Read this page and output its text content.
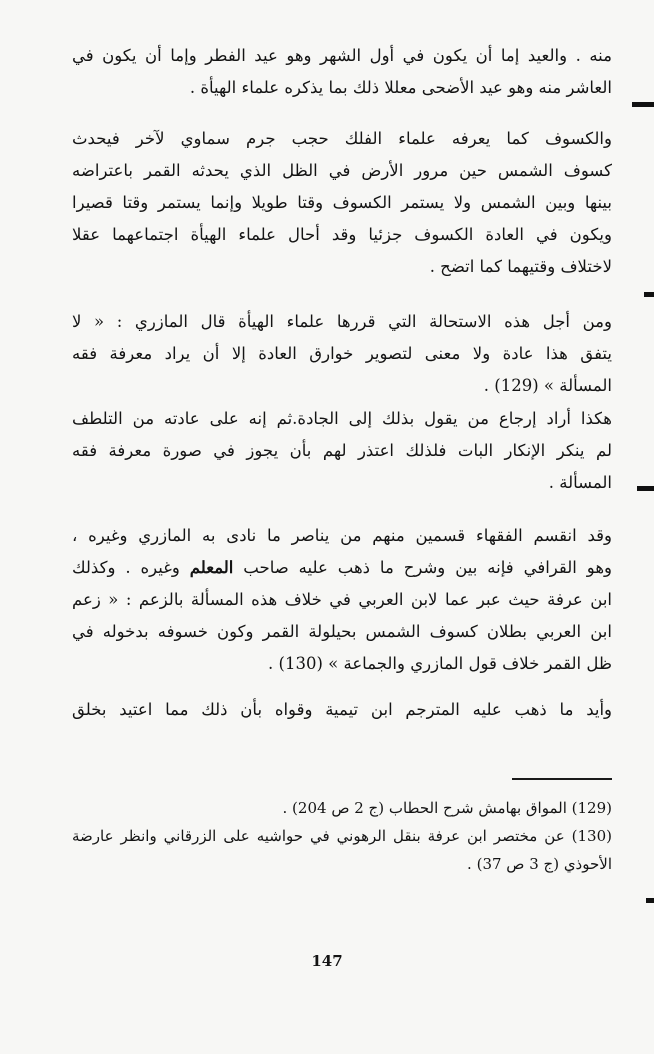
منه . والعيد إما أن يكون في أول الشهر وهو عيد الفطر وإما أن يكون في
العاشر منه وهو عيد الأضحى معللا ذلك بما يذكره علماء الهيأة .

والكسوف كما يعرفه علماء الفلك حجب جرم سماوي لآخر فيحدث
كسوف الشمس حين مرور الأرض في الظل الذي يحدثه القمر باعتراضه
بينها وبين الشمس ولا يستمر الكسوف وقتا طويلا وإنما يستمر وقتا قصيرا
ويكون في العادة الكسوف جزئيا وقد أحال علماء الهيأة اجتماعهما عقلا
لاختلاف وقتيهما كما اتضح .

ومن أجل هذه الاستحالة التي قررها علماء الهيأة قال المازري : « لا
يتفق هذا عادة ولا معنى لتصوير خوارق العادة إلا أن يراد معرفة فقه
المسألة » (129) .

هكذا أراد إرجاع من يقول بذلك إلى الجادة.ثم إنه على عادته من التلطف
لم ينكر الإنكار البات فلذلك اعتذر لهم بأن يجوز في صورة معرفة فقه
المسألة .

وقد انقسم الفقهاء قسمين منهم من يناصر ما نادى به المازري وغيره ،
وهو القرافي فإنه بين وشرح ما ذهب عليه صاحب المعلم وغيره . وكذلك
ابن عرفة حيث عبر عما لابن العربي في خلاف هذه المسألة بالزعم : « زعم
ابن العربي بطلان كسوف الشمس بحيلولة القمر وكون خسوفه بدخوله في
ظل القمر خلاف قول المازري والجماعة » (130) .

وأيد ما ذهب عليه المترجم ابن تيمية وقواه بأن ذلك مما اعتيد بخلق

(129) المواق بهامش شرح الحطاب (ج 2 ص 204) .

(130) عن مختصر ابن عرفة بنقل الرهوني في حواشيه على الزرقاني وانظر عارضة
الأحوذي (ج 3 ص 37) .

147
